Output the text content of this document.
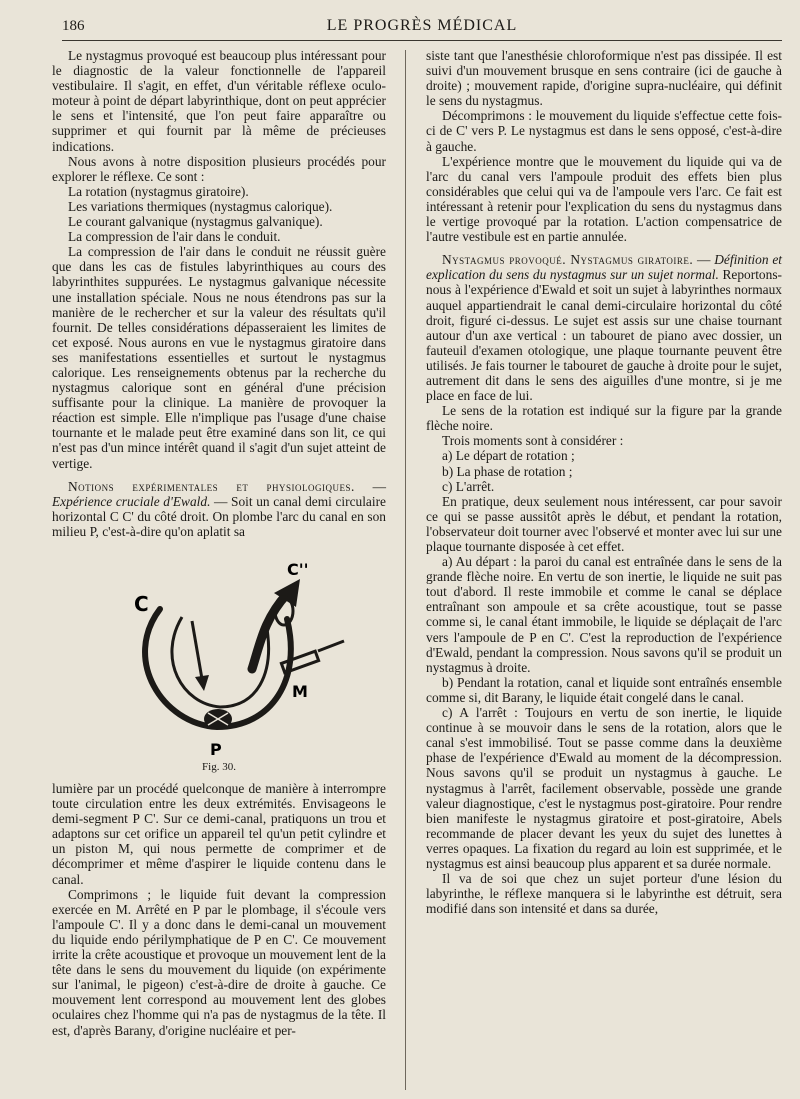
186	LE PROGRÈS MÉDICAL

Le nystagmus provoqué est beaucoup plus intéressant pour le diagnostic de la valeur fonctionnelle de l'appareil vestibulaire. Il s'agit, en effet, d'un véritable réflexe oculo-moteur à point de départ labyrinthique, dont on peut apprécier le sens et l'intensité, que l'on peut faire apparaître ou supprimer et qui fournit par là même de précieuses indications.

Nous avons à notre disposition plusieurs procédés pour explorer le réflexe. Ce sont :

La rotation (nystagmus giratoire).

Les variations thermiques (nystagmus calorique).

Le courant galvanique (nystagmus galvanique).

La compression de l'air dans le conduit.

La compression de l'air dans le conduit ne réussit guère que dans les cas de fistules labyrinthiques au cours des labyrinthites suppurées. Le nystagmus galvanique nécessite une installation spéciale. Nous ne nous étendrons pas sur la manière de le rechercher et sur la valeur des résultats qu'il fournit. De telles considérations dépasseraient les limites de cet exposé. Nous aurons en vue le nystagmus giratoire dans ses manifestations essentielles et surtout le nystagmus calorique. Les renseignements obtenus par la recherche du nystagmus calorique sont en général d'une précision suffisante pour la clinique. La manière de provoquer la réaction est simple. Elle n'implique pas l'usage d'une chaise tournante et le malade peut être examiné dans son lit, ce qui n'est pas d'un mince intérêt quand il s'agit d'un sujet atteint de vertige.

Notions expérimentales et physiologiques. — Expérience cruciale d'Ewald. — Soit un canal demi circulaire horizontal C C' du côté droit. On plombe l'arc du canal en son milieu P, c'est-à-dire qu'on aplatit sa

C
C''
M
P
Fig. 30.

lumière par un procédé quelconque de manière à interrompre toute circulation entre les deux extrémités. Envisageons le demi-segment P C'. Sur ce demi-canal, pratiquons un trou et adaptons sur cet orifice un appareil tel qu'un petit cylindre et un piston M, qui nous permette de comprimer et de décomprimer et même d'aspirer le liquide contenu dans le canal.

Comprimons ; le liquide fuit devant la compression exercée en M. Arrêté en P par le plombage, il s'écoule vers l'ampoule C'. Il y a donc dans le demi-canal un mouvement du liquide endo périlymphatique de P en C'. Ce mouvement irrite la crête acoustique et provoque un mouvement lent de la tête dans le sens du mouvement du liquide (on expérimente sur l'animal, le pigeon) c'est-à-dire de droite à gauche. Ce mouvement lent correspond au mouvement lent des globes oculaires chez l'homme qui n'a pas de nystagmus de la tête. Il est, d'après Barany, d'origine nucléaire et per-

siste tant que l'anesthésie chloroformique n'est pas dissipée. Il est suivi d'un mouvement brusque en sens contraire (ici de gauche à droite) ; mouvement rapide, d'origine supra-nucléaire, qui définit le sens du nystagmus.

Décomprimons : le mouvement du liquide s'effectue cette fois-ci de C' vers P. Le nystagmus est dans le sens opposé, c'est-à-dire à gauche.

L'expérience montre que le mouvement du liquide qui va de l'arc du canal vers l'ampoule produit des effets bien plus considérables que celui qui va de l'ampoule vers l'arc. Ce fait est intéressant à retenir pour l'explication du sens du nystagmus dans le vertige provoqué par la rotation. L'action compensatrice de l'autre vestibule est en partie annulée.

Nystagmus provoqué. Nystagmus giratoire. — Définition et explication du sens du nystagmus sur un sujet normal. Reportons-nous à l'expérience d'Ewald et soit un sujet à labyrinthes normaux auquel appartiendrait le canal demi-circulaire horizontal du côté droit, figuré ci-dessus. Le sujet est assis sur une chaise tournant autour d'un axe vertical : un tabouret de piano avec dossier, un fauteuil d'examen otologique, une plaque tournante peuvent être utilisés. Je fais tourner le tabouret de gauche à droite pour le sujet, autrement dit dans le sens des aiguilles d'une montre, si je me place en face de lui.

Le sens de la rotation est indiqué sur la figure par la grande flèche noire.

Trois moments sont à considérer :

a) Le départ de rotation ;

b) La phase de rotation ;

c) L'arrêt.

En pratique, deux seulement nous intéressent, car pour savoir ce qui se passe aussitôt après le début, et pendant la rotation, l'observateur doit tourner avec l'observé et monter avec lui sur une plaque tournante disposée à cet effet.

a) Au départ : la paroi du canal est entraînée dans le sens de la grande flèche noire. En vertu de son inertie, le liquide ne suit pas tout d'abord. Il reste immobile et comme le canal se déplace entraînant son ampoule et sa crête acoustique, tout se passe comme si, le canal étant immobile, le liquide se déplaçait de l'arc vers l'ampoule de P en C'. C'est la reproduction de l'expérience d'Ewald, pendant la compression. Nous savons qu'il se produit un nystagmus à droite.

b) Pendant la rotation, canal et liquide sont entraînés ensemble comme si, dit Barany, le liquide était congelé dans le canal.

c) A l'arrêt : Toujours en vertu de son inertie, le liquide continue à se mouvoir dans le sens de la rotation, alors que le canal s'est immobilisé. Tout se passe comme dans la deuxième phase de l'expérience d'Ewald au moment de la décompression. Nous savons qu'il se produit un nystagmus à gauche. Le nystagmus à l'arrêt, facilement observable, possède une grande valeur diagnostique, c'est le nystagmus post-giratoire. Pour rendre bien manifeste le nystagmus giratoire et post-giratoire, Abels recommande de placer devant les yeux du sujet des lunettes à verres opaques. La fixation du regard au loin est supprimée, et le nystagmus est ainsi beaucoup plus apparent et sa durée normale.

Il va de soi que chez un sujet porteur d'une lésion du labyrinthe, le réflexe manquera si le labyrinthe est détruit, sera modifié dans son intensité et dans sa durée,
